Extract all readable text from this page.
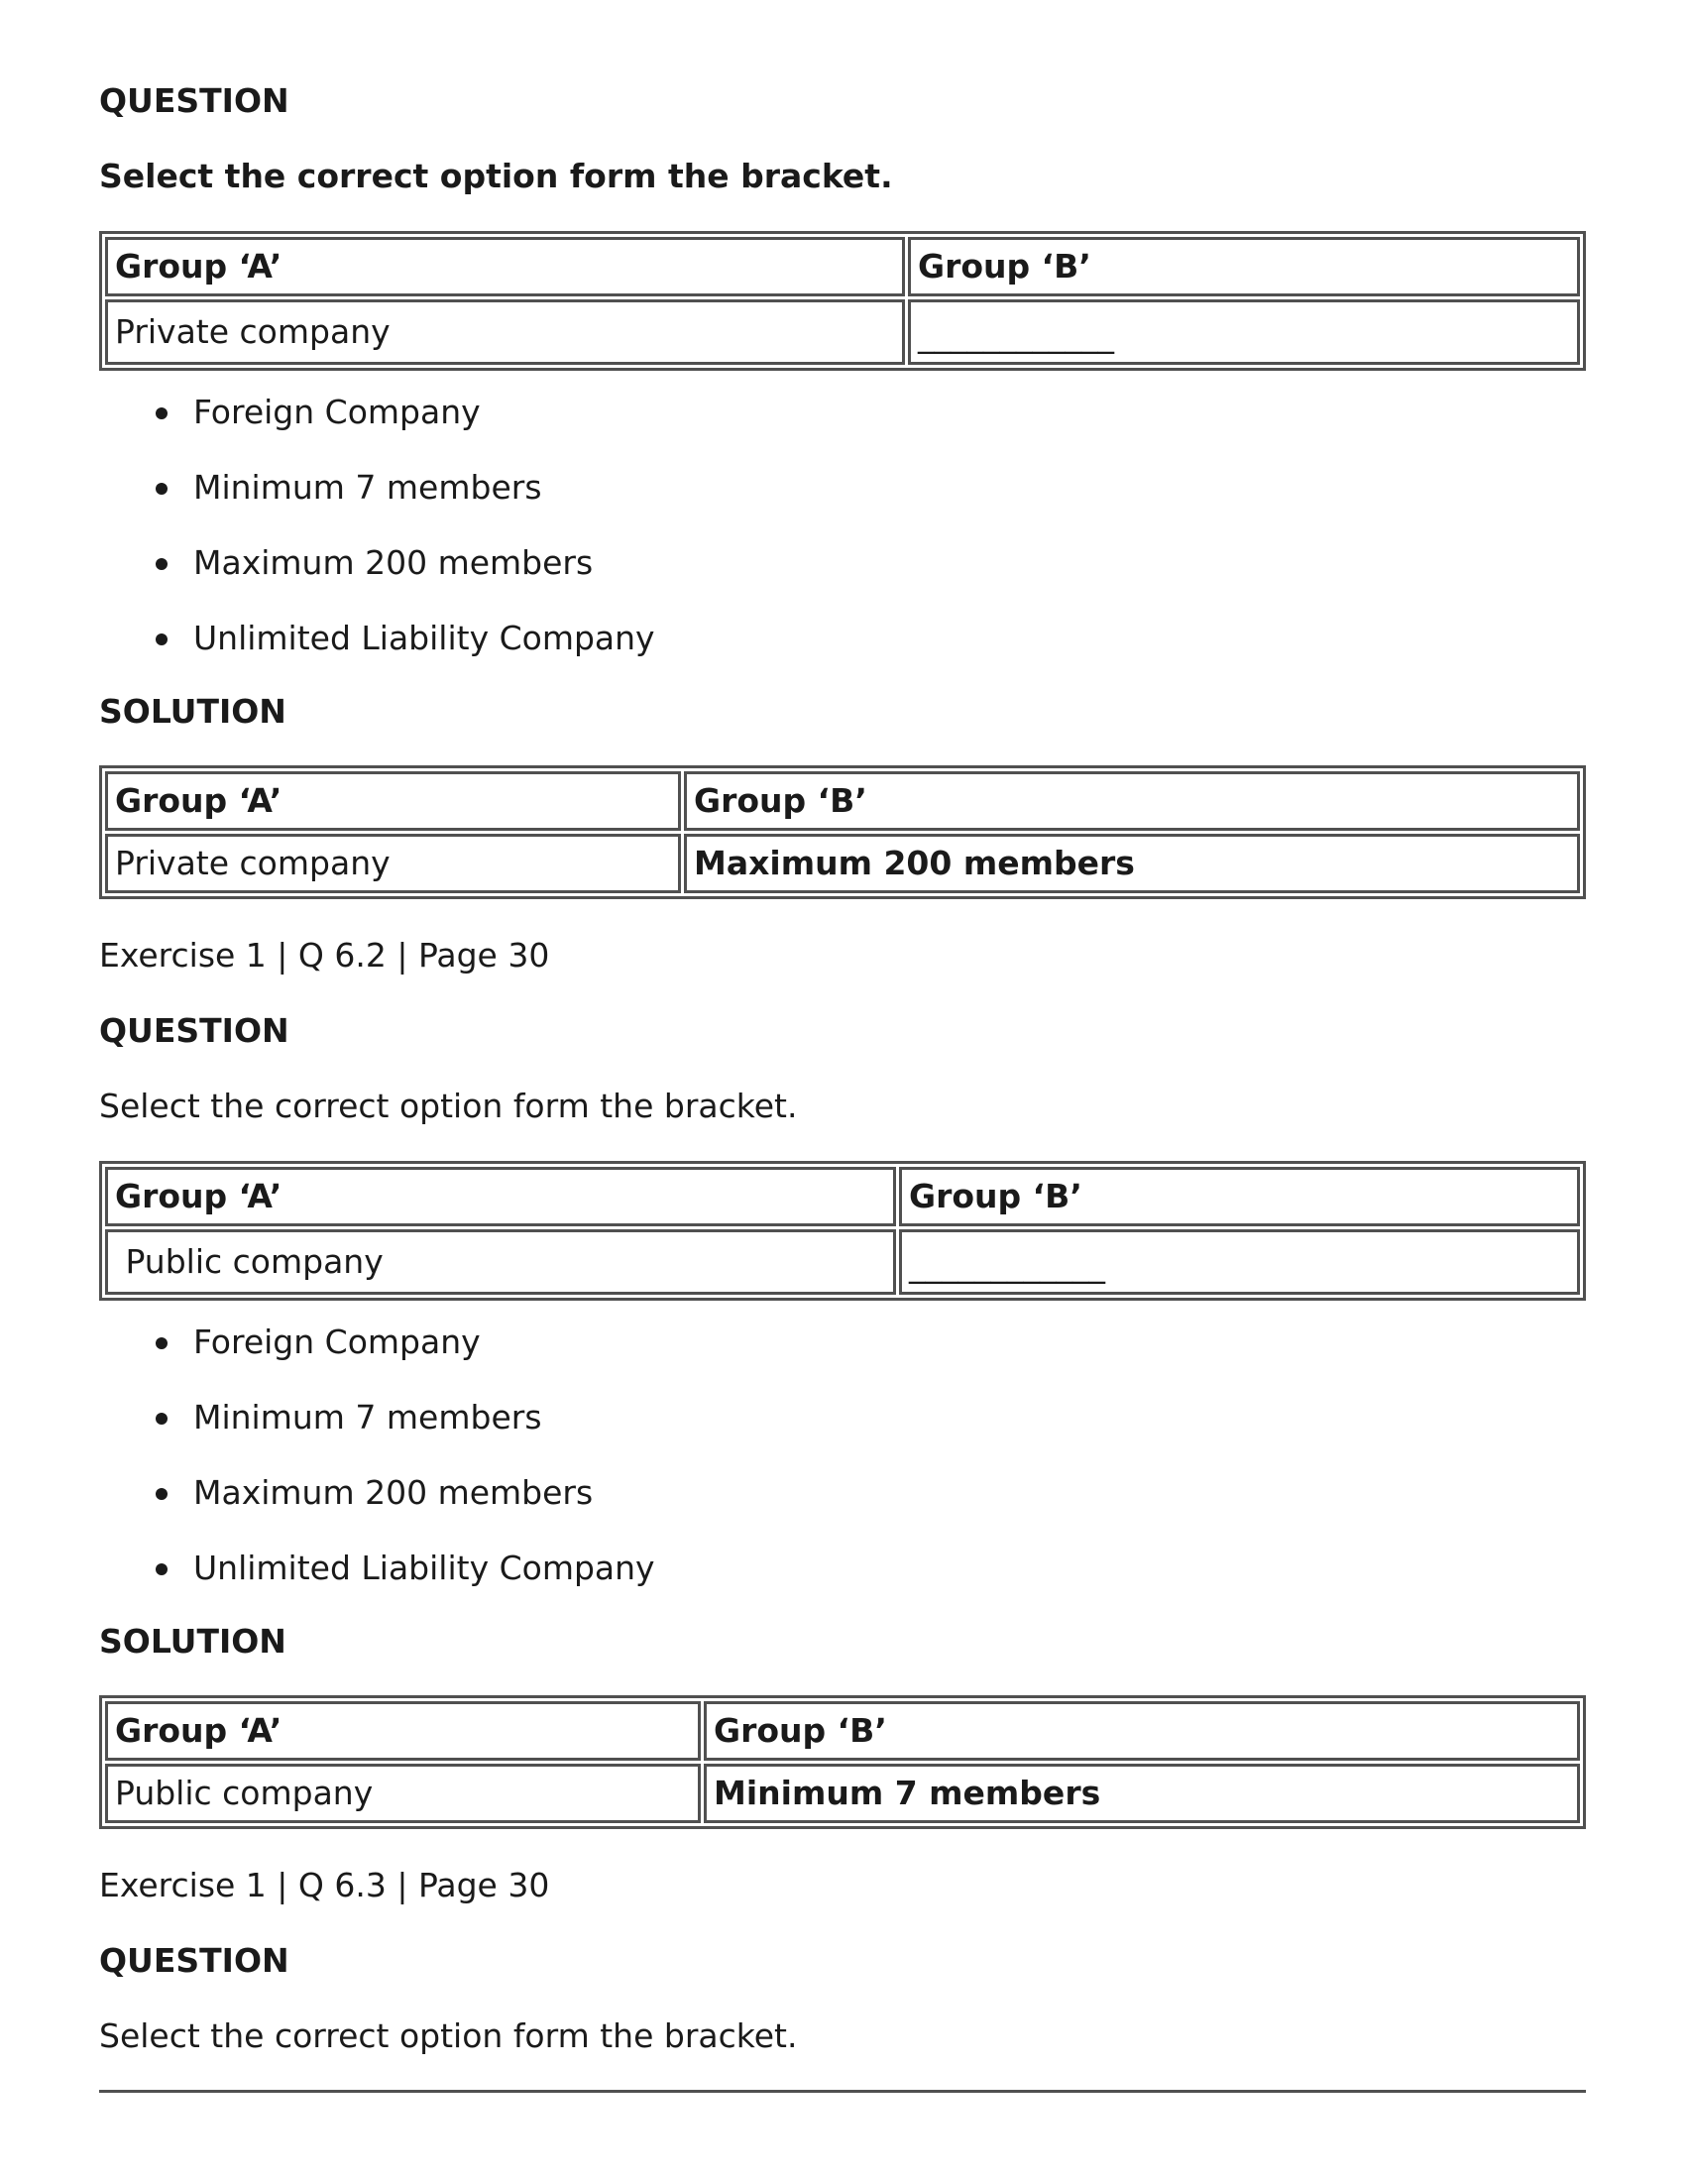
QUESTION
Select the correct option form the bracket.
Group ‘A’	Group ‘B’
Private company	____________
Foreign Company
Minimum 7 members
Maximum 200 members
Unlimited Liability Company
SOLUTION
Group ‘A’	Group ‘B’
Private company	Maximum 200 members
Exercise 1 | Q 6.2 | Page 30
QUESTION
Select the correct option form the bracket.
Group ‘A’	Group ‘B’
Public company	____________
Foreign Company
Minimum 7 members
Maximum 200 members
Unlimited Liability Company
SOLUTION
Group ‘A’	Group ‘B’
Public company	Minimum 7 members
Exercise 1 | Q 6.3 | Page 30
QUESTION
Select the correct option form the bracket.
